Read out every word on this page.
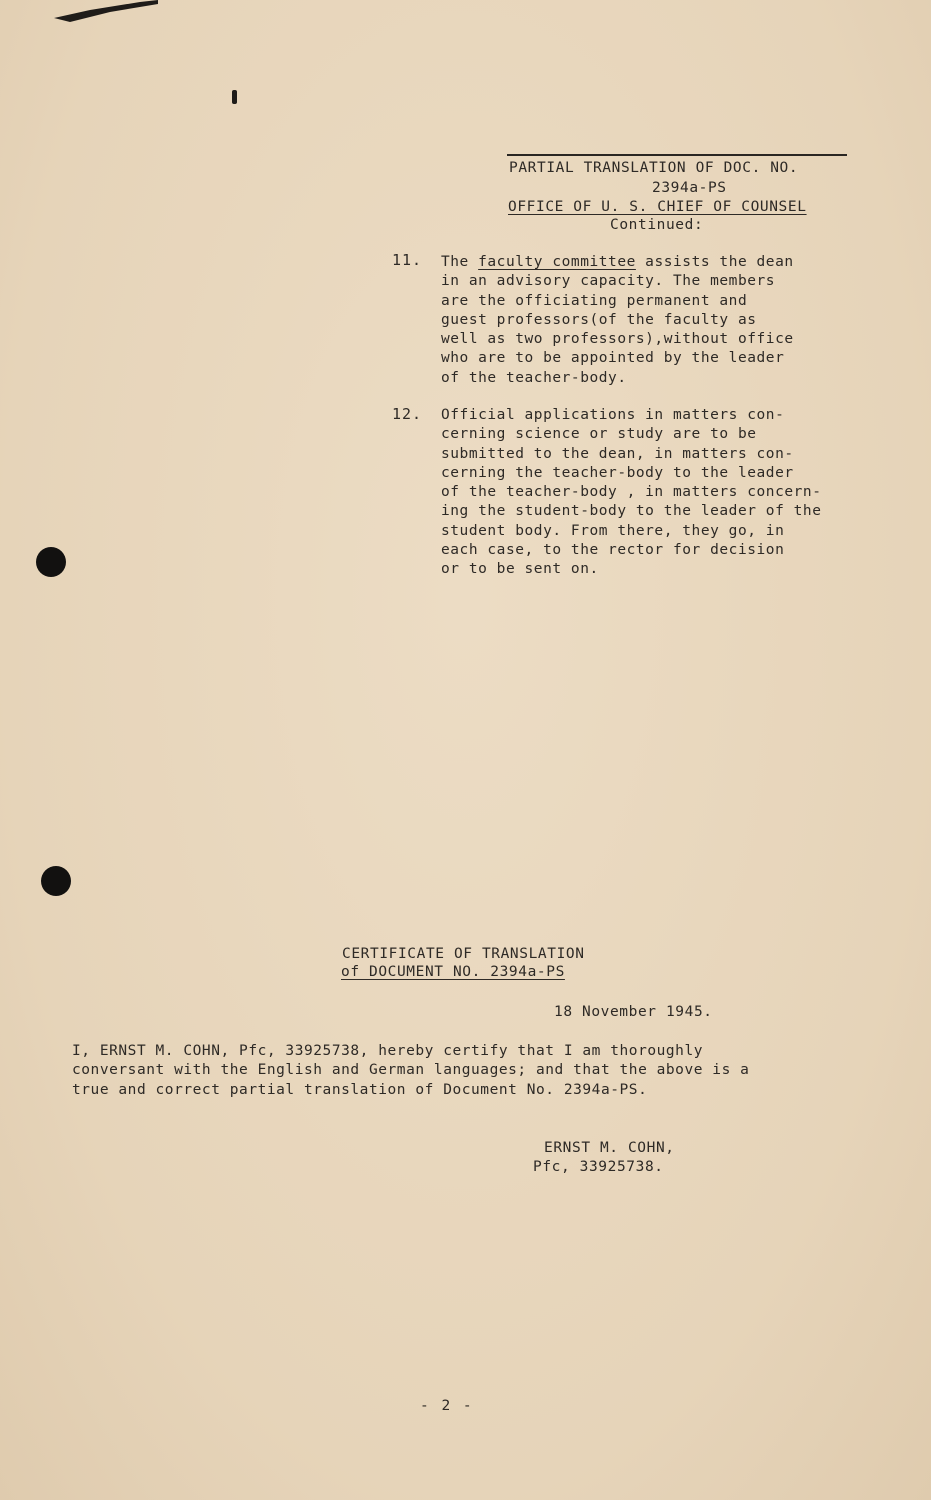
PARTIAL TRANSLATION OF DOC. NO.
2394a-PS
OFFICE OF U. S. CHIEF OF COUNSEL
Continued:
11. The faculty committee assists the dean
in an advisory capacity. The members
are the officiating permanent and
guest professors(of the faculty as
well as two professors),without office
who are to be appointed by the leader
of the teacher-body.
12. Official applications in matters con-
cerning science or study are to be
submitted to the dean, in matters con-
cerning the teacher-body to the leader
of the teacher-body , in matters concern-
ing the student-body to the leader of the
student body. From there, they go, in
each case, to the rector for decision
or to be sent on.
CERTIFICATE OF TRANSLATION
of DOCUMENT NO. 2394a-PS
18 November 1945.
I, ERNST M. COHN, Pfc, 33925738, hereby certify that I am thoroughly
conversant with the English and German languages; and that the above is a
true and correct partial translation of Document No. 2394a-PS.
ERNST M. COHN,
Pfc, 33925738.
- 2 -
